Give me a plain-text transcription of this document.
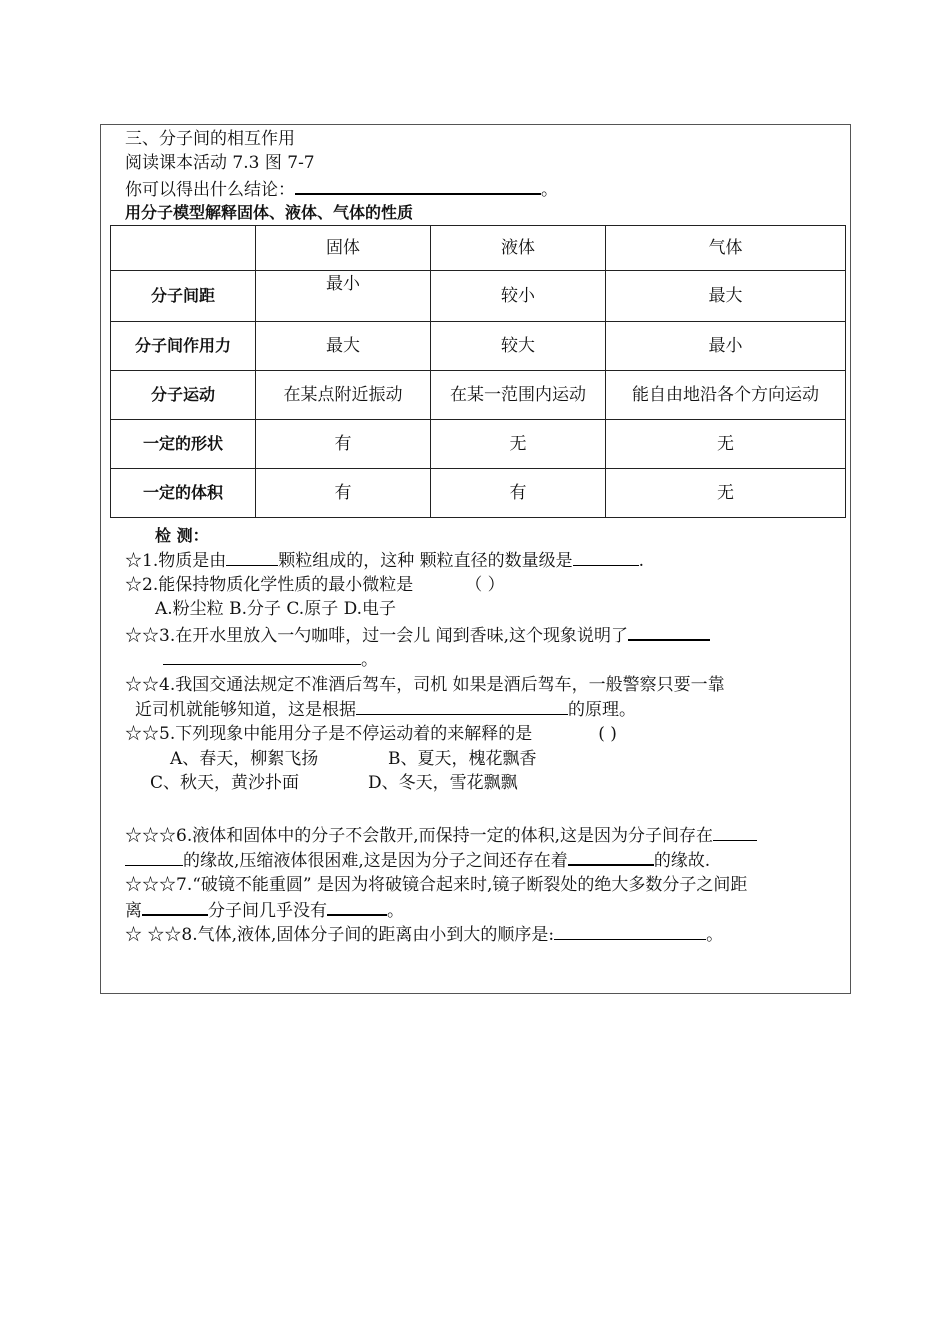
三、分子间的相互作用
阅读课本活动 7.3 图 7-7
你可以得出什么结论：	。
用分子模型解释固体、液体、气体的性质
	固体	液体	气体
分子间距	最小	较小	最大
分子间作用力	最大	较大	最小
分子运动	在某点附近振动	在某一范围内运动	能自由地沿各个方向运动
一定的形状	有	无	无
一定的体积	有	有	无
检 测：
☆1.物质是由	颗粒组成的，这种 颗粒直径的数量级是	.
☆2.能保持物质化学性质的最小微粒是	（ ）
A.粉尘粒 B.分子 C.原子 D.电子
☆☆3.在开水里放入一勺咖啡，过一会儿 闻到香味,这个现象说明了
。
☆☆4.我国交通法规定不准酒后驾车，司机 如果是酒后驾车，一般警察只要一靠
近司机就能够知道，这是根据	的原理。
☆☆5.下列现象中能用分子是不停运动着的来解释的是	( )
A、春天，柳絮飞扬	B、夏天，槐花飘香
C、秋天，黄沙扑面	D、冬天，雪花飘飘
☆☆☆6.液体和固体中的分子不会散开,而保持一定的体积,这是因为分子间存在
的缘故,压缩液体很困难,这是因为分子之间还存在着	的缘故.
☆☆☆7.“破镜不能重圆” 是因为将破镜合起来时,镜子断裂处的绝大多数分子之间距
离	分子间几乎没有	。
☆ ☆☆8.气体,液体,固体分子间的距离由小到大的顺序是:	。
